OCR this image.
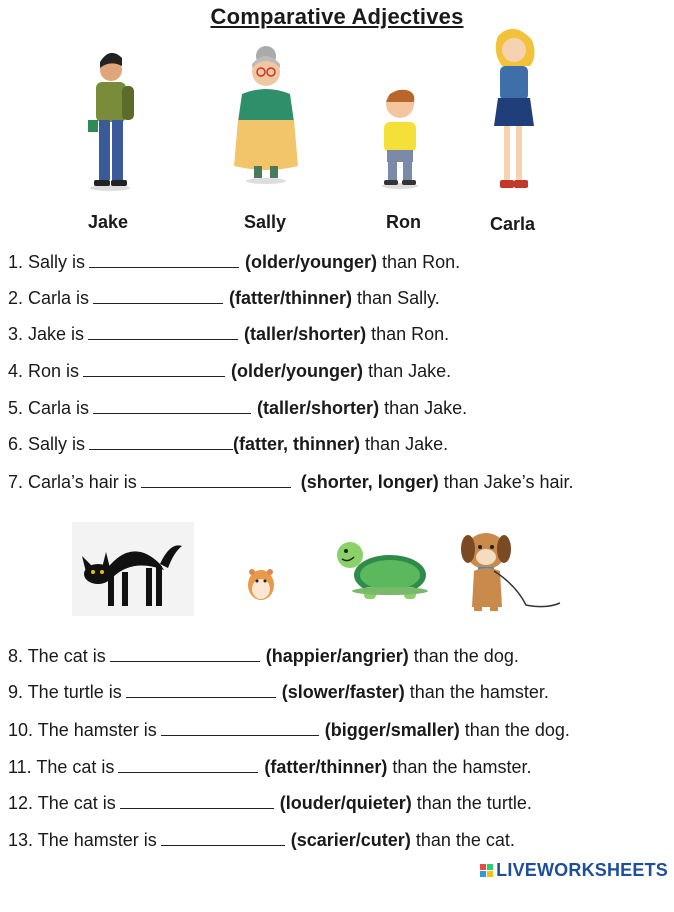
Comparative Adjectives
Jake	Sally	Ron	Carla
1. Sally is	(older/younger) than Ron.
2. Carla is	(fatter/thinner) than Sally.
3. Jake is	(taller/shorter) than Ron.
4. Ron is	(older/younger) than Jake.
5. Carla is	(taller/shorter) than Jake.
6. Sally is	(fatter, thinner) than Jake.
7. Carla’s hair is	(shorter, longer) than Jake’s hair.
8. The cat is	(happier/angrier) than the dog.
9. The turtle is	(slower/faster) than the hamster.
10. The hamster is	(bigger/smaller) than the dog.
11. The cat is	(fatter/thinner) than the hamster.
12. The cat is	(louder/quieter) than the turtle.
13. The hamster is	(scarier/cuter) than the cat.
LIVEWORKSHEETS
